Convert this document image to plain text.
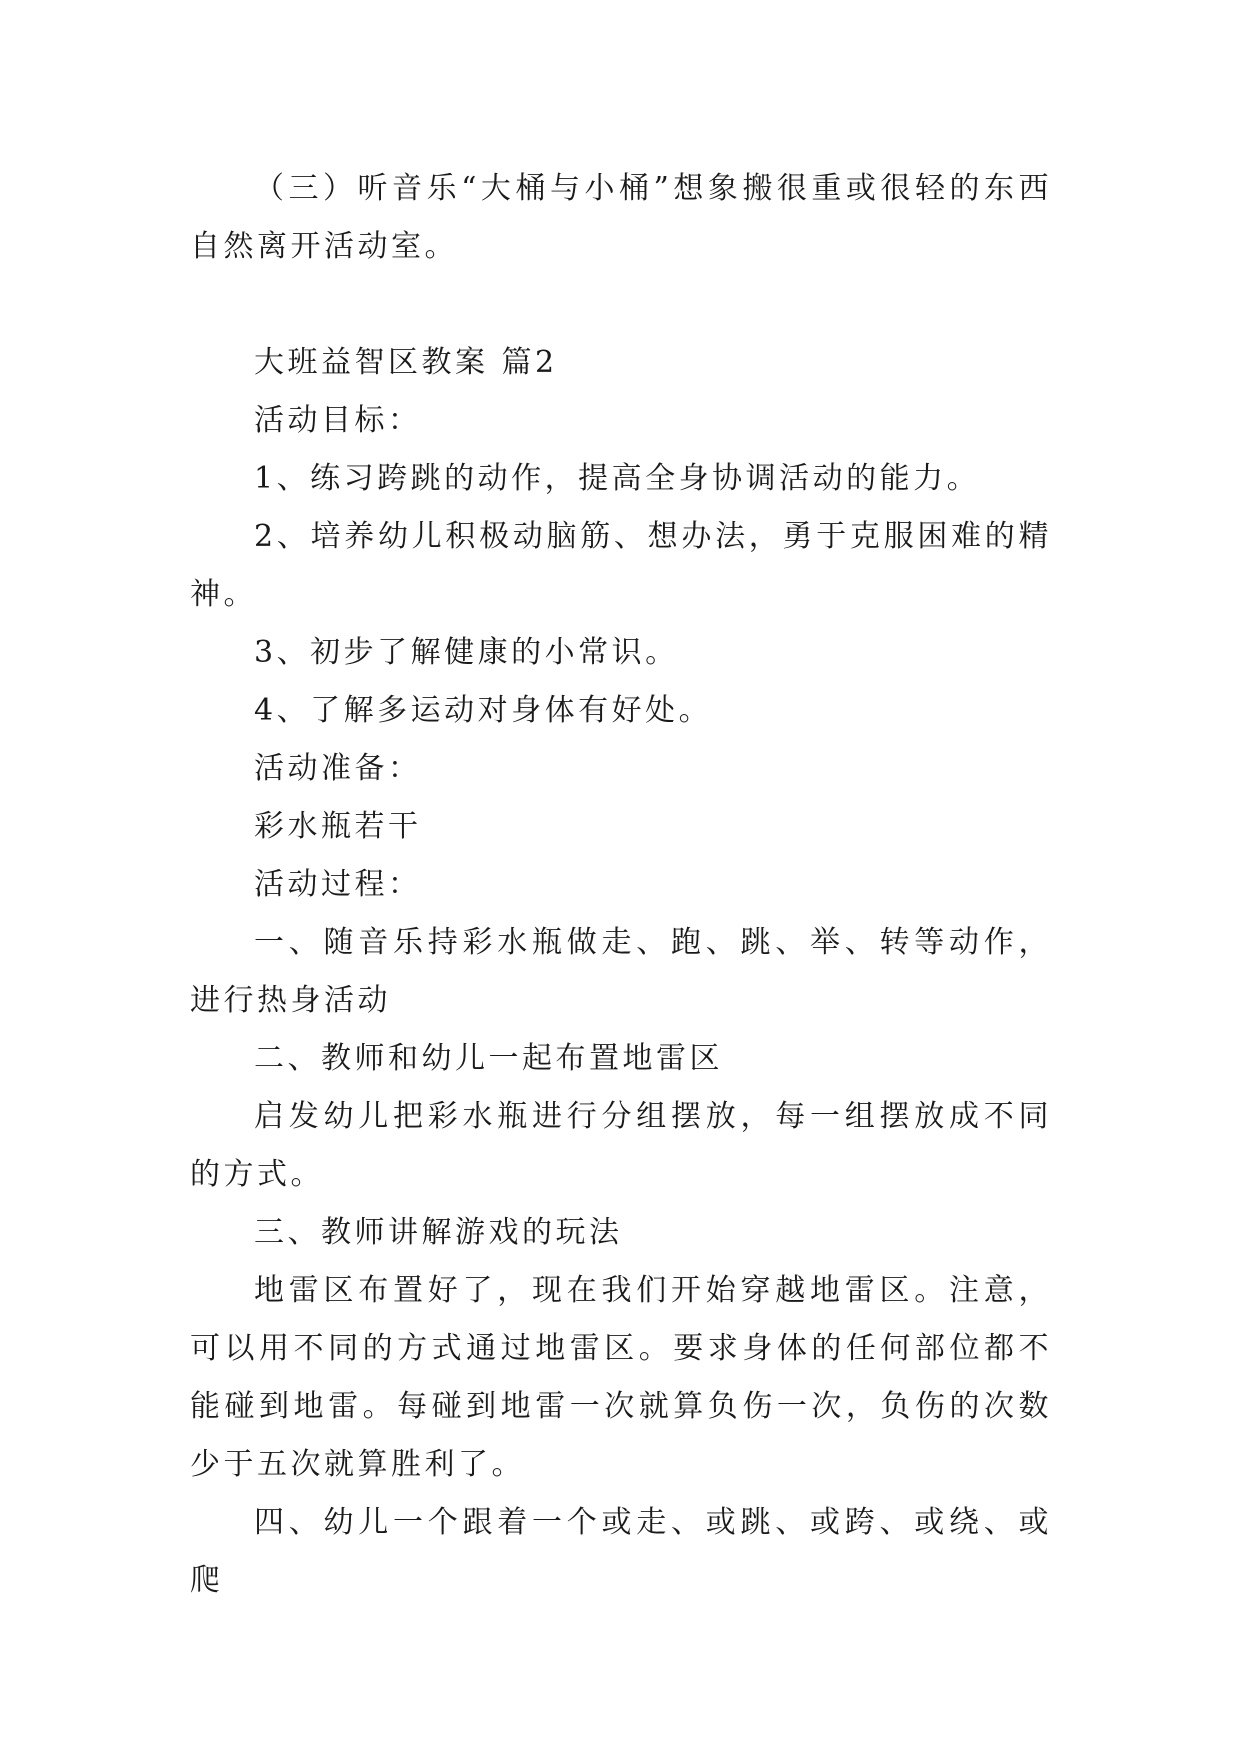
（三）听音乐“大桶与小桶”想象搬很重或很轻的东西自然离开活动室。

大班益智区教案 篇2

活动目标：

1、练习跨跳的动作，提高全身协调活动的能力。

2、培养幼儿积极动脑筋、想办法，勇于克服困难的精神。

3、初步了解健康的小常识。

4、了解多运动对身体有好处。

活动准备：

彩水瓶若干

活动过程：

一、随音乐持彩水瓶做走、跑、跳、举、转等动作，进行热身活动

二、教师和幼儿一起布置地雷区

启发幼儿把彩水瓶进行分组摆放，每一组摆放成不同的方式。

三、教师讲解游戏的玩法

地雷区布置好了，现在我们开始穿越地雷区。注意，可以用不同的方式通过地雷区。要求身体的任何部位都不能碰到地雷。每碰到地雷一次就算负伤一次，负伤的次数少于五次就算胜利了。

四、幼儿一个跟着一个或走、或跳、或跨、或绕、或爬
